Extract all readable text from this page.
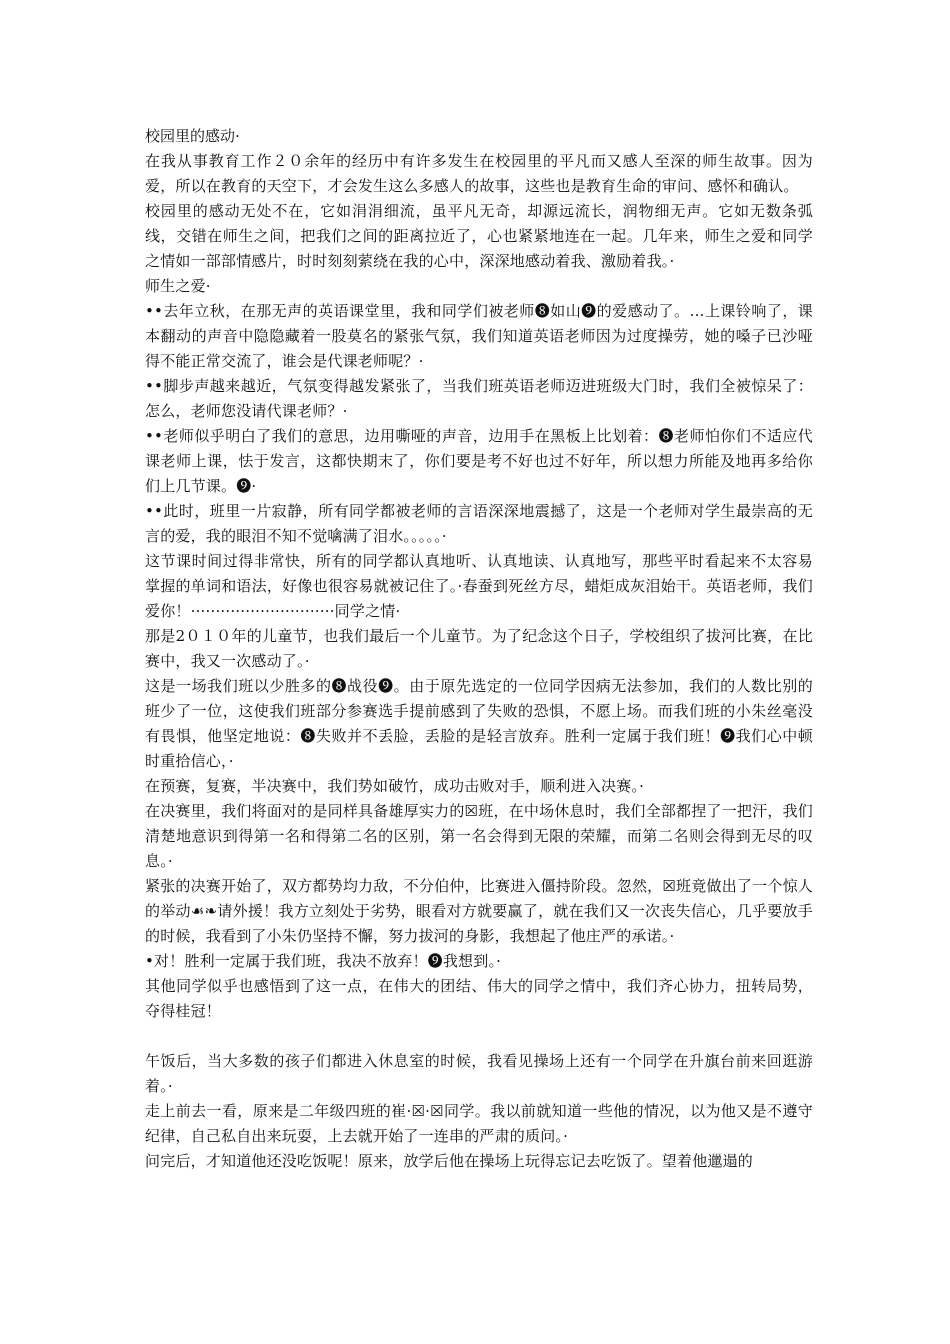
校园里的感动·

在我从事教育工作２０余年的经历中有许多发生在校园里的平凡而又感人至深的师生故事。因为爱，所以在教育的天空下，才会发生这么多感人的故事，这些也是教育生命的审问、感怀和确认。

校园里的感动无处不在，它如涓涓细流，虽平凡无奇，却源远流长，润物细无声。它如无数条弧线，交错在师生之间，把我们之间的距离拉近了，心也紧紧地连在一起。几年来，师生之爱和同学之情如一部部情感片，时时刻刻萦绕在我的心中，深深地感动着我、激励着我。·

师生之爱·

••去年立秋，在那无声的英语课堂里，我和同学们被老师❽如山❾的爱感动了。…上课铃响了，课本翻动的声音中隐隐藏着一股莫名的紧张气氛，我们知道英语老师因为过度操劳，她的嗓子已沙哑得不能正常交流了，谁会是代课老师呢？·

••脚步声越来越近，气氛变得越发紧张了，当我们班英语老师迈进班级大门时，我们全被惊呆了：怎么，老师您没请代课老师？·

••老师似乎明白了我们的意思，边用嘶哑的声音，边用手在黑板上比划着：❽老师怕你们不适应代课老师上课，怯于发言，这都快期末了，你们要是考不好也过不好年，所以想力所能及地再多给你们上几节课。❾·

••此时，班里一片寂静，所有同学都被老师的言语深深地震撼了，这是一个老师对学生最崇高的无言的爱，我的眼泪不知不觉噙满了泪水。。。。。·

这节课时间过得非常快，所有的同学都认真地听、认真地读、认真地写，那些平时看起来不太容易掌握的单词和语法，好像也很容易就被记住了。·春蚕到死丝方尽，蜡炬成灰泪始干。英语老师，我们爱你！·····························同学之情·

那是2０１０年的儿童节，也我们最后一个儿童节。为了纪念这个日子，学校组织了拔河比赛，在比赛中，我又一次感动了。·

这是一场我们班以少胜多的❽战役❾。由于原先选定的一位同学因病无法参加，我们的人数比别的班少了一位，这使我们班部分参赛选手提前感到了失败的恐惧，不愿上场。而我们班的小朱丝毫没有畏惧，他坚定地说：❽失败并不丢脸，丢脸的是轻言放弃。胜利一定属于我们班！❾我们心中顿时重拾信心，·

在预赛，复赛，半决赛中，我们势如破竹，成功击败对手，顺利进入决赛。·

在决赛里，我们将面对的是同样具备雄厚实力的☒班，在中场休息时，我们全部都捏了一把汗，我们清楚地意识到得第一名和得第二名的区别，第一名会得到无限的荣耀，而第二名则会得到无尽的叹息。·

紧张的决赛开始了，双方都势均力敌，不分伯仲，比赛进入僵持阶段。忽然，☒班竟做出了一个惊人的举动☙❧请外援！我方立刻处于劣势，眼看对方就要赢了，就在我们又一次丧失信心，几乎要放手的时候，我看到了小朱仍坚持不懈，努力拔河的身影，我想起了他庄严的承诺。·

•对！胜利一定属于我们班，我决不放弃！❾我想到。·

其他同学似乎也感悟到了这一点，在伟大的团结、伟大的同学之情中，我们齐心协力，扭转局势，夺得桂冠！

午饭后，当大多数的孩子们都进入休息室的时候，我看见操场上还有一个同学在升旗台前来回逛游着。·

走上前去一看，原来是二年级四班的崔·☒·☒同学。我以前就知道一些他的情况，以为他又是不遵守纪律，自己私自出来玩耍，上去就开始了一连串的严肃的质问。·

问完后，才知道他还没吃饭呢！原来，放学后他在操场上玩得忘记去吃饭了。望着他邋遢的
